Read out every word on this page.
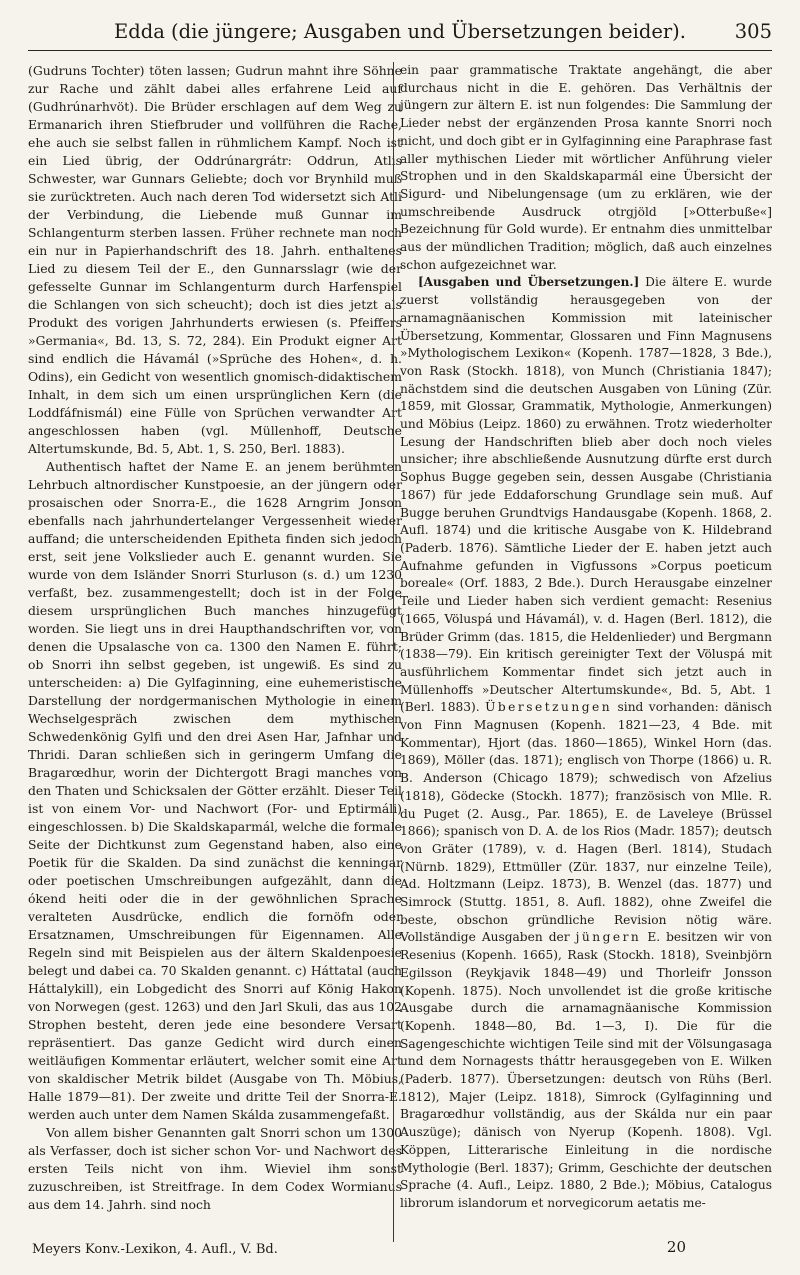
Edda (die jüngere; Ausgaben und Übersetzungen beider).	305

(Gudruns Tochter) töten lassen; Gudrun mahnt ihre Söhne zur Rache und zählt dabei alles erfahrene Leid auf (Gudhrúnarhvöt). Die Brüder erschlagen auf dem Weg zu Ermanarich ihren Stiefbruder und vollführen die Rache, ehe auch sie selbst fallen in rühmlichem Kampf. Noch ist ein Lied übrig, der Oddrúnargrátr: Oddrun, Atlis Schwester, war Gunnars Geliebte; doch vor Brynhild muß sie zurücktreten. Auch nach deren Tod widersetzt sich Atli der Verbindung, die Liebende muß Gunnar im Schlangenturm sterben lassen. Früher rechnete man noch ein nur in Papierhandschrift des 18. Jahrh. enthaltenes Lied zu diesem Teil der E., den Gunnarsslagr (wie der gefesselte Gunnar im Schlangenturm durch Harfenspiel die Schlangen von sich scheucht); doch ist dies jetzt als Produkt des vorigen Jahrhunderts erwiesen (s. Pfeiffers »Germania«, Bd. 13, S. 72, 284). Ein Produkt eigner Art sind endlich die Hávamál (»Sprüche des Hohen«, d. h. Odins), ein Gedicht von wesentlich gnomisch-didaktischem Inhalt, in dem sich um einen ursprünglichen Kern (die Loddfáfnismál) eine Fülle von Sprüchen verwandter Art angeschlossen haben (vgl. Müllenhoff, Deutsche Altertumskunde, Bd. 5, Abt. 1, S. 250, Berl. 1883).

Authentisch haftet der Name E. an jenem berühmten Lehrbuch altnordischer Kunstpoesie, an der jüngern oder prosaischen oder Snorra-E., die 1628 Arngrim Jonson ebenfalls nach jahrhundertelanger Vergessenheit wieder auffand; die unterscheidenden Epitheta finden sich jedoch erst, seit jene Volkslieder auch E. genannt wurden. Sie wurde von dem Isländer Snorri Sturluson (s. d.) um 1230 verfaßt, bez. zusammengestellt; doch ist in der Folge diesem ursprünglichen Buch manches hinzugefügt worden. Sie liegt uns in drei Haupthandschriften vor, von denen die Upsalasche von ca. 1300 den Namen E. führt; ob Snorri ihn selbst gegeben, ist ungewiß. Es sind zu unterscheiden: a) Die Gylfaginning, eine euhemeristische Darstellung der nordgermanischen Mythologie in einem Wechselgespräch zwischen dem mythischen Schwedenkönig Gylfi und den drei Asen Har, Jafnhar und Thridi. Daran schließen sich in geringerm Umfang die Bragarœdhur, worin der Dichtergott Bragi manches von den Thaten und Schicksalen der Götter erzählt. Dieser Teil ist von einem Vor- und Nachwort (For- und Eptirmáli) eingeschlossen. b) Die Skaldskaparmál, welche die formale Seite der Dichtkunst zum Gegenstand haben, also eine Poetik für die Skalden. Da sind zunächst die kenningar oder poetischen Umschreibungen aufgezählt, dann die ókend heiti oder die in der gewöhnlichen Sprache veralteten Ausdrücke, endlich die fornöfn oder Ersatznamen, Umschreibungen für Eigennamen. Alle Regeln sind mit Beispielen aus der ältern Skaldenpoesie belegt und dabei ca. 70 Skalden genannt. c) Háttatal (auch Háttalykill), ein Lobgedicht des Snorri auf König Hakon von Norwegen (gest. 1263) und den Jarl Skuli, das aus 102 Strophen besteht, deren jede eine besondere Versart repräsentiert. Das ganze Gedicht wird durch einen weitläufigen Kommentar erläutert, welcher somit eine Art von skaldischer Metrik bildet (Ausgabe von Th. Möbius, Halle 1879—81). Der zweite und dritte Teil der Snorra-E. werden auch unter dem Namen Skálda zusammengefaßt.

Von allem bisher Genannten galt Snorri schon um 1300 als Verfasser, doch ist sicher schon Vor- und Nachwort des ersten Teils nicht von ihm. Wieviel ihm sonst zuzuschreiben, ist Streitfrage. In dem Codex Wormianus aus dem 14. Jahrh. sind noch

ein paar grammatische Traktate angehängt, die aber durchaus nicht in die E. gehören. Das Verhältnis der jüngern zur ältern E. ist nun folgendes: Die Sammlung der Lieder nebst der ergänzenden Prosa kannte Snorri noch nicht, und doch gibt er in Gylfaginning eine Paraphrase fast aller mythischen Lieder mit wörtlicher Anführung vieler Strophen und in den Skaldskaparmál eine Übersicht der Sigurd- und Nibelungensage (um zu erklären, wie der umschreibende Ausdruck otrgjöld [»Otterbuße«] Bezeichnung für Gold wurde). Er entnahm dies unmittelbar aus der mündlichen Tradition; möglich, daß auch einzelnes schon aufgezeichnet war.

[Ausgaben und Übersetzungen.] Die ältere E. wurde zuerst vollständig herausgegeben von der arnamagnäanischen Kommission mit lateinischer Übersetzung, Kommentar, Glossaren und Finn Magnusens »Mythologischem Lexikon« (Kopenh. 1787—1828, 3 Bde.), von Rask (Stockh. 1818), von Munch (Christiania 1847); nächstdem sind die deutschen Ausgaben von Lüning (Zür. 1859, mit Glossar, Grammatik, Mythologie, Anmerkungen) und Möbius (Leipz. 1860) zu erwähnen. Trotz wiederholter Lesung der Handschriften blieb aber doch noch vieles unsicher; ihre abschließende Ausnutzung dürfte erst durch Sophus Bugge gegeben sein, dessen Ausgabe (Christiania 1867) für jede Eddaforschung Grundlage sein muß. Auf Bugge beruhen Grundtvigs Handausgabe (Kopenh. 1868, 2. Aufl. 1874) und die kritische Ausgabe von K. Hildebrand (Paderb. 1876). Sämtliche Lieder der E. haben jetzt auch Aufnahme gefunden in Vigfussons »Corpus poeticum boreale« (Orf. 1883, 2 Bde.). Durch Herausgabe einzelner Teile und Lieder haben sich verdient gemacht: Resenius (1665, Völuspá und Hávamál), v. d. Hagen (Berl. 1812), die Brüder Grimm (das. 1815, die Heldenlieder) und Bergmann (1838—79). Ein kritisch gereinigter Text der Völuspá mit ausführlichem Kommentar findet sich jetzt auch in Müllenhoffs »Deutscher Altertumskunde«, Bd. 5, Abt. 1 (Berl. 1883). Übersetzungen sind vorhanden: dänisch von Finn Magnusen (Kopenh. 1821—23, 4 Bde. mit Kommentar), Hjort (das. 1860—1865), Winkel Horn (das. 1869), Möller (das. 1871); englisch von Thorpe (1866) u. R. B. Anderson (Chicago 1879); schwedisch von Afzelius (1818), Gödecke (Stockh. 1877); französisch von Mlle. R. du Puget (2. Ausg., Par. 1865), E. de Laveleye (Brüssel 1866); spanisch von D. A. de los Rios (Madr. 1857); deutsch von Gräter (1789), v. d. Hagen (Berl. 1814), Studach (Nürnb. 1829), Ettmüller (Zür. 1837, nur einzelne Teile), Ad. Holtzmann (Leipz. 1873), B. Wenzel (das. 1877) und Simrock (Stuttg. 1851, 8. Aufl. 1882), ohne Zweifel die beste, obschon gründliche Revision nötig wäre. Vollständige Ausgaben der jüngern E. besitzen wir von Resenius (Kopenh. 1665), Rask (Stockh. 1818), Sveinbjörn Egilsson (Reykjavik 1848—49) und Thorleifr Jonsson (Kopenh. 1875). Noch unvollendet ist die große kritische Ausgabe durch die arnamagnäanische Kommission (Kopenh. 1848—80, Bd. 1—3, I). Die für die Sagengeschichte wichtigen Teile sind mit der Völsungasaga und dem Nornagests tháttr herausgegeben von E. Wilken (Paderb. 1877). Übersetzungen: deutsch von Rühs (Berl. 1812), Majer (Leipz. 1818), Simrock (Gylfaginning und Bragarœdhur vollständig, aus der Skálda nur ein paar Auszüge); dänisch von Nyerup (Kopenh. 1808). Vgl. Köppen, Litterarische Einleitung in die nordische Mythologie (Berl. 1837); Grimm, Geschichte der deutschen Sprache (4. Aufl., Leipz. 1880, 2 Bde.); Möbius, Catalogus librorum islandorum et norvegicorum aetatis me-

Meyers Konv.-Lexikon, 4. Aufl., V. Bd.	20
